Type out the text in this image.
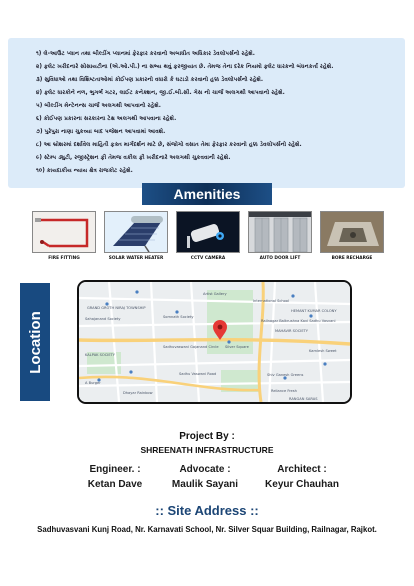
૧) લે-આઉટ પ્લાન તથા બીલ્ડીંગ પ્લાનમાં ફેરફાર કરવાનો અબાધીત અધિકાર ડેવલોપર્સનો રહેશે.
૨) ફ્લેટ ખરીદનારે સોસાયટીના (એ.ઓ.પી.) ના સભ્ય થવું ફરજીયાત છે. તેમજ તેના દરેક નિયમો ફ્લેટ ધારકનો બંધનકર્તા રહેશે.
૩) સુવિધાઓ તથા વિશિષ્ટતાઓમાં કોઈપણ પ્રકારનો વધારો કે ઘટાડો કરવાનો હક્ક ડેવલોપર્સનો રહેશે.
૪) ફ્લેટ ધારકોને નળ, ભુગર્ભ ગટર, લાઈટ કનેક્શન, જી.ઈ.બી.સી. ગેસ નો ચાર્જ અલગથી આપવાનો રહેશે.
૫) બીલ્ડીંગ મેન્ટેનન્સ ચાર્જ અલગથી આપવાનો રહેશે.
૬) કોઈપણ પ્રકારના સરકારના ટેક્ષ અલગથી આપવાના રહેશે.
૭) પુરેપુરા નાણા ચુકવ્યા બાદ પજેશન આપવામાં આવશે.
૮) આ બ્રોશરમાં દર્શાવેલ માહિતી ફક્ત માર્ગદર્શન માટે છે, સંજોગો વસાત તેમા ફેરફાર કરવાનો હક્ક ડેવલોપર્સનો રહેશે.
૯) સ્ટેમ્પ ડ્યુટી, રજીસ્ટ્રેશન ફી તેમજ વકીલ ફી ખરીદનારે અલગથી ચુકવવાની રહેશે.
૧૦) કાયદાકીય ન્યાય ક્ષેત્ર રાજકોટ રહેશે.
Amenities
FIRE FITTING	SOLAR WATER HEATER	CCTV CAMERA	AUTO DOOR LIFT	BORE RECHARGE
Location
Artist Gallery
International School
GRAND GROTH NIRAJ TOWNSHIP
HEMANT KUMAR COLONY
Sahajanand Society
MAHAVIR SOCIETY
Railnagar Balkrushna Kavi Sadhu Vasvani
Somnath Society
Sadhuvaswani Gajanand Circle Silver Square
KALPAK SOCIETY
A Burger
Dhayar Rainbow
Shiv Ganesh Greens
Reliance Fresh
RANGAN SARAS
Kamlesh Sweet
Sadhu Vaswani Road
Project By :
SHREENATH INFRASTRUCTURE
Engineer. :
Ketan Dave
Advocate :
Maulik Sayani
Architect :
Keyur Chauhan
:: Site Address ::
Sadhuvasvani Kunj Road, Nr. Karnavati School, Nr. Silver Squar Building, Railnagar, Rajkot.
